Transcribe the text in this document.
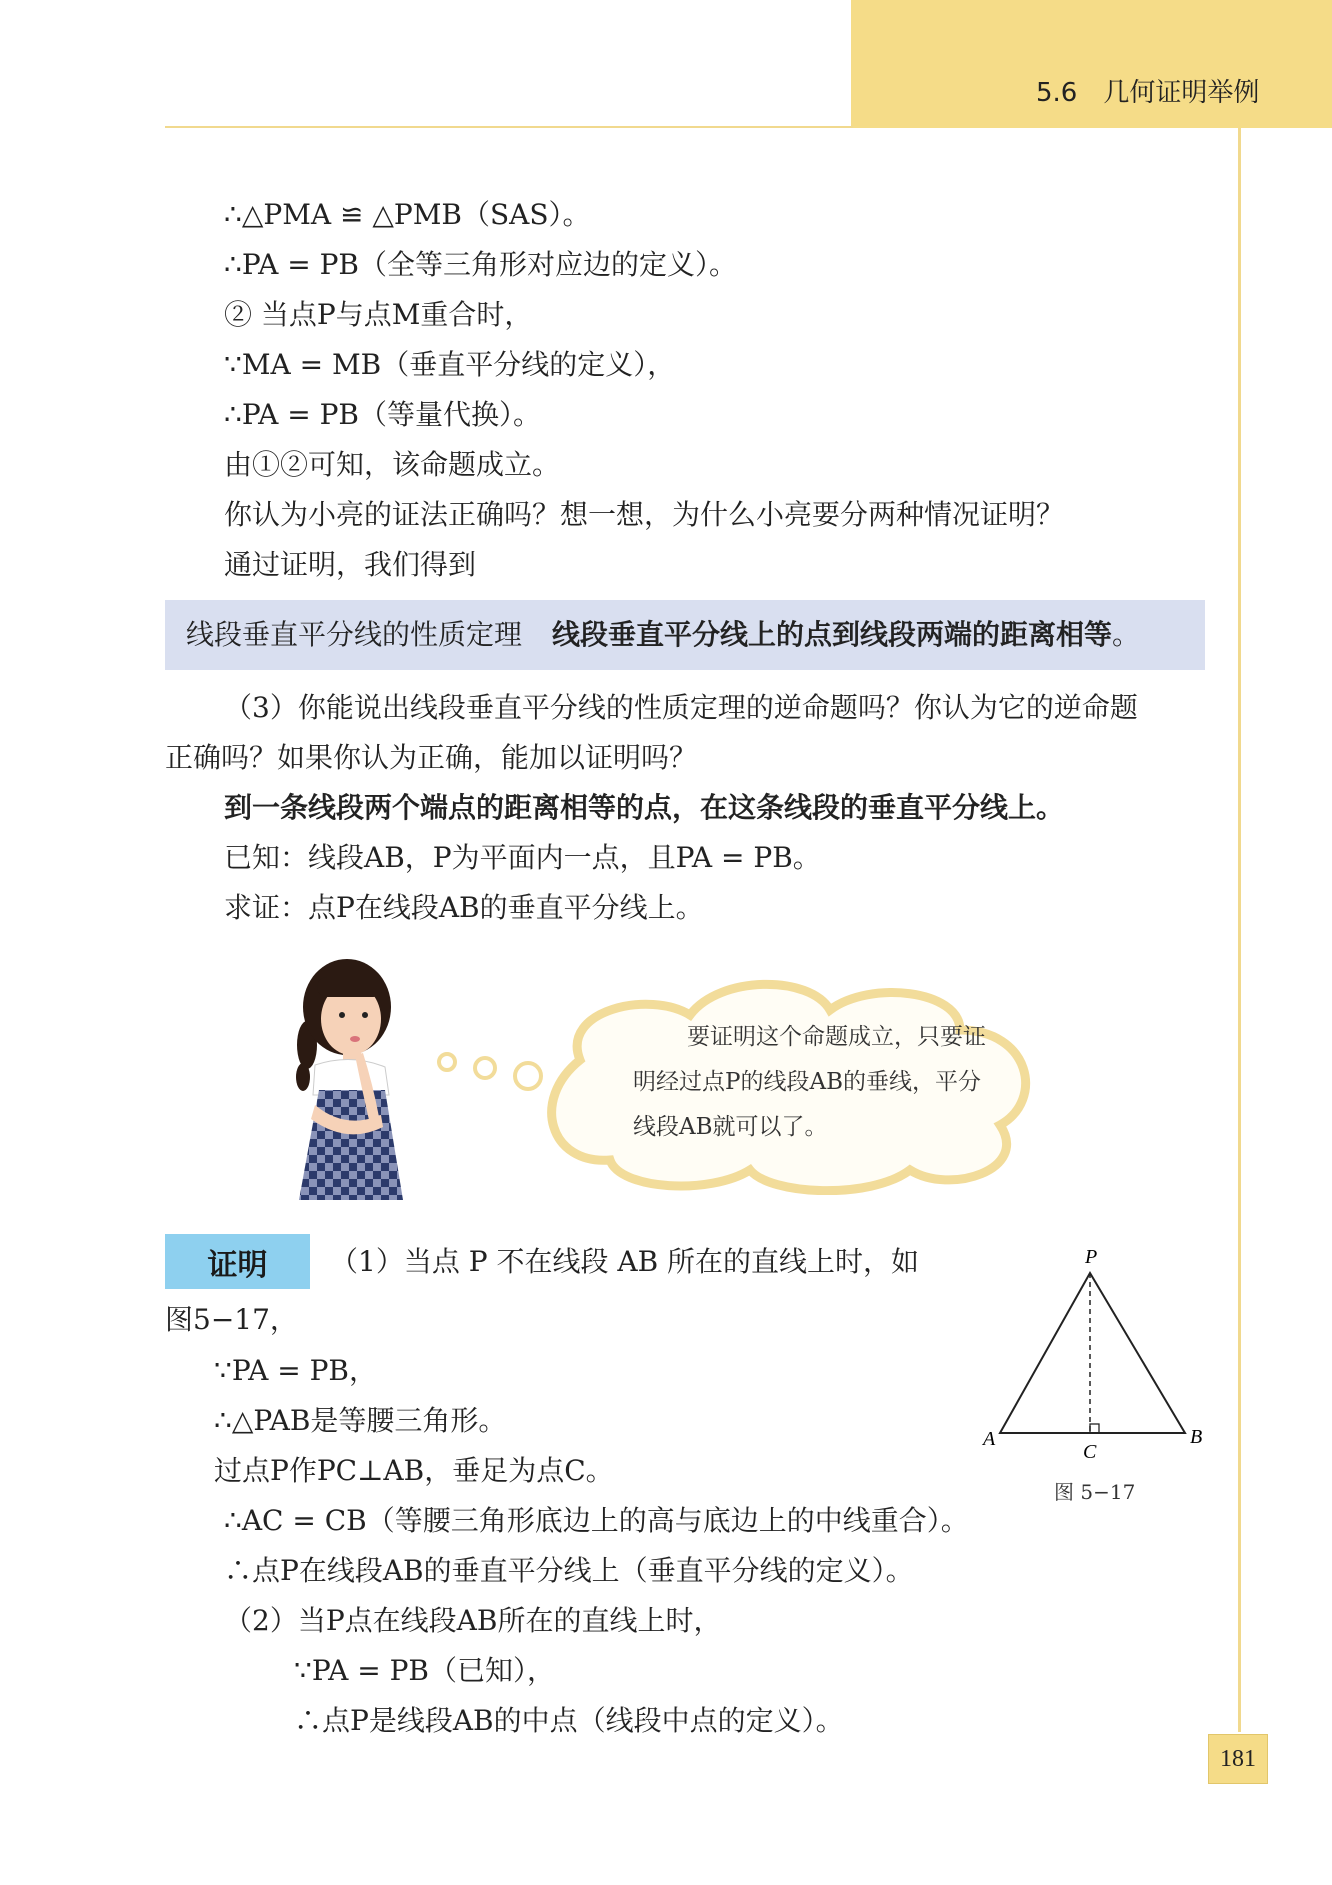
5.6　几何证明举例
∴△PMA ≌ △PMB（SAS）。
∴PA = PB（全等三角形对应边的定义）。
② 当点P与点M重合时，
∵MA = MB（垂直平分线的定义），
∴PA = PB（等量代换）。
由①②可知，该命题成立。
你认为小亮的证法正确吗？想一想，为什么小亮要分两种情况证明？
通过证明，我们得到
线段垂直平分线的性质定理 线段垂直平分线上的点到线段两端的距离相等。
（3）你能说出线段垂直平分线的性质定理的逆命题吗？你认为它的逆命题
正确吗？如果你认为正确，能加以证明吗？
到一条线段两个端点的距离相等的点，在这条线段的垂直平分线上。
已知：线段AB，P为平面内一点，且PA = PB。
求证：点P在线段AB的垂直平分线上。
要证明这个命题成立，只要证
明经过点P的线段AB的垂线，平分
线段AB就可以了。
证明	（1）当点 P 不在线段 AB 所在的直线上时，如
图5−17，
∵PA = PB，
∴△PAB是等腰三角形。
过点P作PC⊥AB，垂足为点C。
∴AC = CB（等腰三角形底边上的高与底边上的中线重合）。
∴点P在线段AB的垂直平分线上（垂直平分线的定义）。
（2）当P点在线段AB所在的直线上时，
∵PA = PB（已知），
∴点P是线段AB的中点（线段中点的定义）。
P
A	B
C
图 5−17
181
